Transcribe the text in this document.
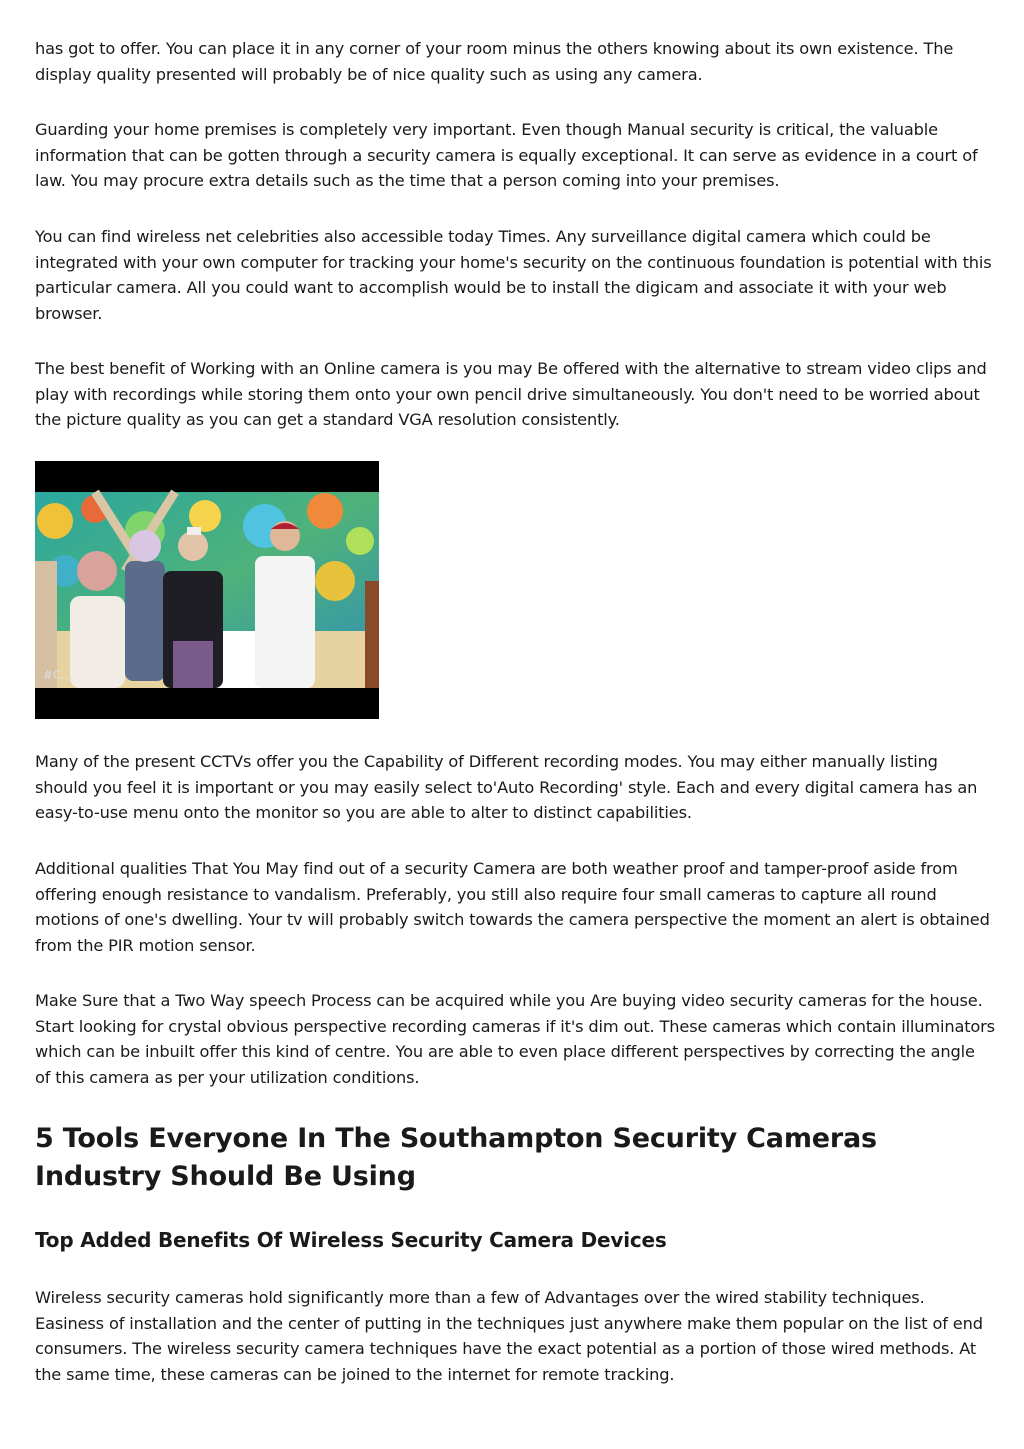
has got to offer. You can place it in any corner of your room minus the others knowing about its own existence. The display quality presented will probably be of nice quality such as using any camera.

Guarding your home premises is completely very important. Even though Manual security is critical, the valuable information that can be gotten through a security camera is equally exceptional. It can serve as evidence in a court of law. You may procure extra details such as the time that a person coming into your premises.

You can find wireless net celebrities also accessible today Times. Any surveillance digital camera which could be integrated with your own computer for tracking your home's security on the continuous foundation is potential with this particular camera. All you could want to accomplish would be to install the digicam and associate it with your web browser.

The best benefit of Working with an Online camera is you may Be offered with the alternative to stream video clips and play with recordings while storing them onto your own pencil drive simultaneously. You don't need to be worried about the picture quality as you can get a standard VGA resolution consistently.

#C...

Many of the present CCTVs offer you the Capability of Different recording modes. You may either manually listing should you feel it is important or you may easily select to'Auto Recording' style. Each and every digital camera has an easy-to-use menu onto the monitor so you are able to alter to distinct capabilities.

Additional qualities That You May find out of a security Camera are both weather proof and tamper-proof aside from offering enough resistance to vandalism. Preferably, you still also require four small cameras to capture all round motions of one's dwelling. Your tv will probably switch towards the camera perspective the moment an alert is obtained from the PIR motion sensor.

Make Sure that a Two Way speech Process can be acquired while you Are buying video security cameras for the house. Start looking for crystal obvious perspective recording cameras if it's dim out. These cameras which contain illuminators which can be inbuilt offer this kind of centre. You are able to even place different perspectives by correcting the angle of this camera as per your utilization conditions.

5 Tools Everyone In The Southampton Security Cameras Industry Should Be Using
Top Added Benefits Of Wireless Security Camera Devices

Wireless security cameras hold significantly more than a few of Advantages over the wired stability techniques. Easiness of installation and the center of putting in the techniques just anywhere make them popular on the list of end consumers. The wireless security camera techniques have the exact potential as a portion of those wired methods. At the same time, these cameras can be joined to the internet for remote tracking.
